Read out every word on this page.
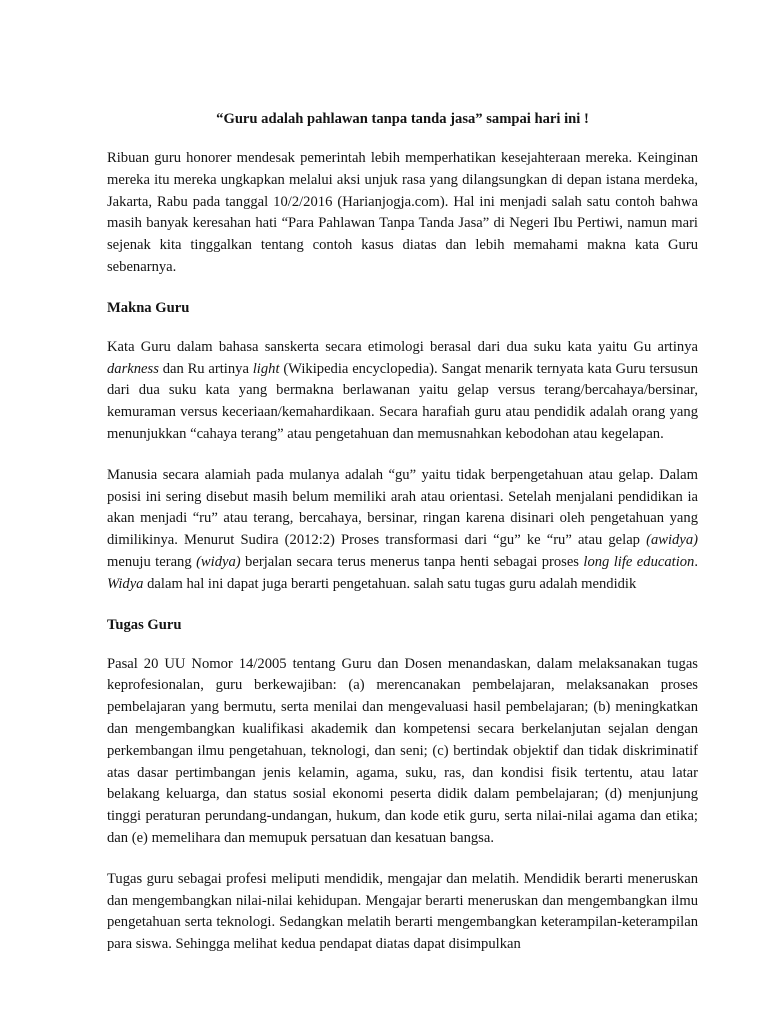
“Guru adalah pahlawan tanpa tanda jasa” sampai hari ini !

Ribuan guru honorer mendesak pemerintah lebih memperhatikan kesejahteraan mereka. Keinginan mereka itu mereka ungkapkan melalui aksi unjuk rasa yang dilangsungkan di depan istana merdeka, Jakarta, Rabu pada tanggal 10/2/2016 (Harianjogja.com). Hal ini menjadi salah satu contoh bahwa masih banyak keresahan hati “Para Pahlawan Tanpa Tanda Jasa” di Negeri Ibu Pertiwi, namun mari sejenak kita tinggalkan tentang contoh kasus diatas dan lebih memahami makna kata Guru sebenarnya.

Makna Guru

Kata Guru dalam bahasa sanskerta secara etimologi berasal dari dua suku kata yaitu Gu artinya darkness dan Ru artinya light (Wikipedia encyclopedia). Sangat menarik ternyata kata Guru tersusun dari dua suku kata yang bermakna berlawanan yaitu gelap versus terang/bercahaya/bersinar, kemuraman versus keceriaan/kemahardikaan. Secara harafiah guru atau pendidik adalah orang yang menunjukkan “cahaya terang” atau pengetahuan dan memusnahkan kebodohan atau kegelapan.

Manusia secara alamiah pada mulanya adalah “gu” yaitu tidak berpengetahuan atau gelap. Dalam posisi ini sering disebut masih belum memiliki arah atau orientasi. Setelah menjalani pendidikan ia akan menjadi “ru” atau terang, bercahaya, bersinar, ringan karena disinari oleh pengetahuan yang dimilikinya. Menurut Sudira (2012:2) Proses transformasi dari “gu” ke “ru” atau gelap (awidya) menuju terang (widya) berjalan secara terus menerus tanpa henti sebagai proses long life education. Widya dalam hal ini dapat juga berarti pengetahuan. salah satu tugas guru adalah mendidik

Tugas Guru

Pasal 20 UU Nomor 14/2005 tentang Guru dan Dosen menandaskan, dalam melaksanakan tugas keprofesionalan, guru berkewajiban: (a) merencanakan pembelajaran, melaksanakan proses pembelajaran yang bermutu, serta menilai dan mengevaluasi hasil pembelajaran; (b) meningkatkan dan mengembangkan kualifikasi akademik dan kompetensi secara berkelanjutan sejalan dengan perkembangan ilmu pengetahuan, teknologi, dan seni; (c) bertindak objektif dan tidak diskriminatif atas dasar pertimbangan jenis kelamin, agama, suku, ras, dan kondisi fisik tertentu, atau latar belakang keluarga, dan status sosial ekonomi peserta didik dalam pembelajaran; (d) menjunjung tinggi peraturan perundang-undangan, hukum, dan kode etik guru, serta nilai-nilai agama dan etika; dan (e) memelihara dan memupuk persatuan dan kesatuan bangsa.

Tugas guru sebagai profesi meliputi mendidik, mengajar dan melatih. Mendidik berarti meneruskan dan mengembangkan nilai-nilai kehidupan. Mengajar berarti meneruskan dan mengembangkan ilmu pengetahuan serta teknologi. Sedangkan melatih berarti mengembangkan keterampilan-keterampilan para siswa. Sehingga melihat kedua pendapat diatas dapat disimpulkan
